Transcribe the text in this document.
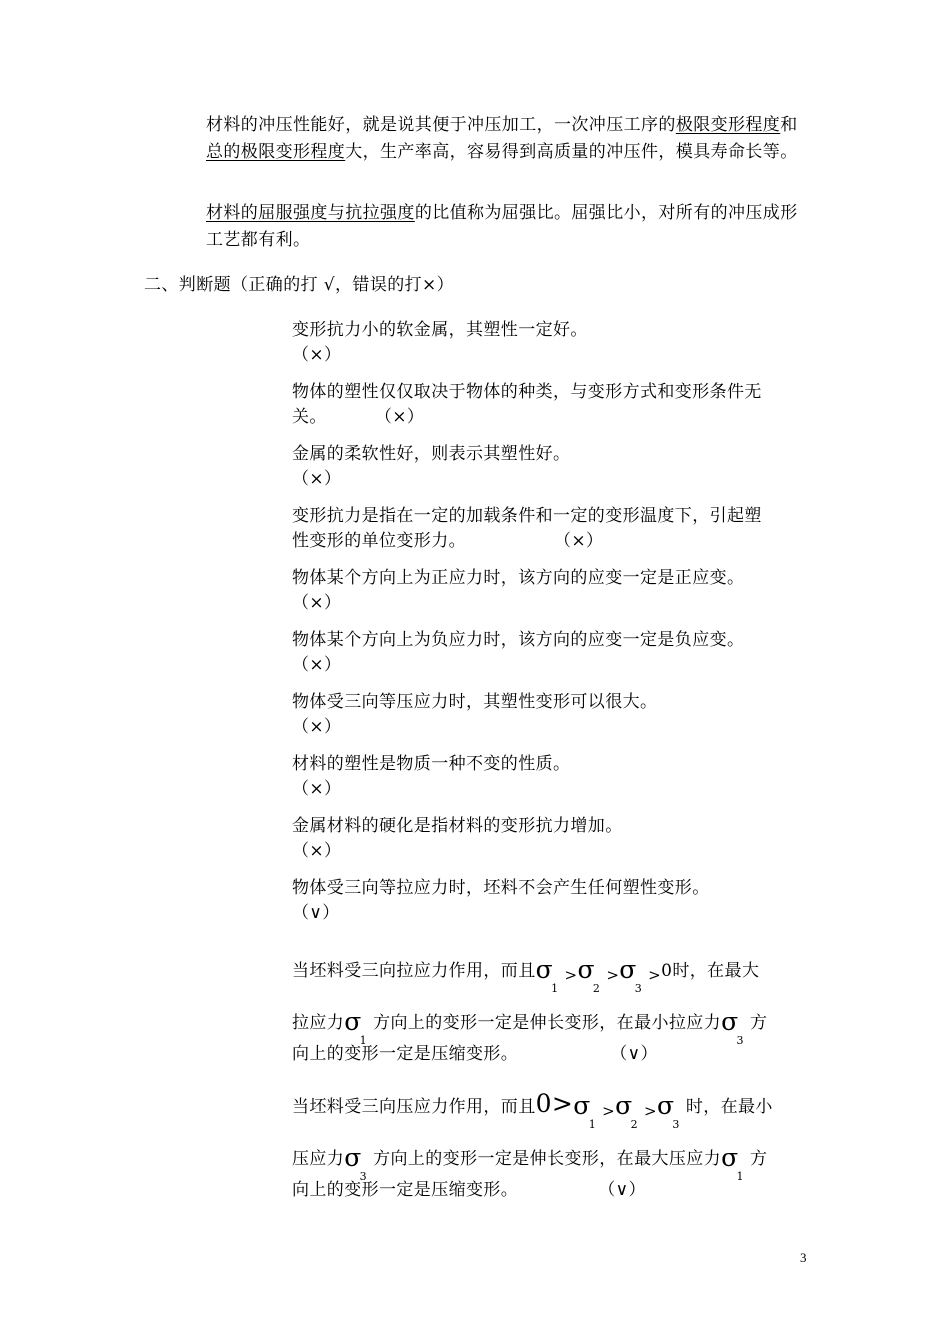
材料的冲压性能好，就是说其便于冲压加工，一次冲压工序的极限变形程度和总的极限变形程度大，生产率高，容易得到高质量的冲压件，模具寿命长等。
材料的屈服强度与抗拉强度的比值称为屈强比。屈强比小，对所有的冲压成形工艺都有利。
二、判断题（正确的打 √，错误的打×）
变形抗力小的软金属，其塑性一定好。
（×）
物体的塑性仅仅取决于物体的种类，与变形方式和变形条件无
关。	（×）
金属的柔软性好，则表示其塑性好。
（×）
变形抗力是指在一定的加载条件和一定的变形温度下，引起塑
性变形的单位变形力。	（×）
物体某个方向上为正应力时，该方向的应变一定是正应变。
（×）
物体某个方向上为负应力时，该方向的应变一定是负应变。
（×）
物体受三向等压应力时，其塑性变形可以很大。
（×）
材料的塑性是物质一种不变的性质。
（×）
金属材料的硬化是指材料的变形抗力增加。
（×）
物体受三向等拉应力时，坯料不会产生任何塑性变形。
（∨）
当坯料受三向拉应力作用，而且$\sigma_1>\sigma_2>\sigma_3>0$时，在最大
拉应力$\sigma_1$方向上的变形一定是伸长变形，在最小拉应力$\sigma_3$方
向上的变形一定是压缩变形。	（∨）
当坯料受三向压应力作用，而且$0>\sigma_1>\sigma_2>\sigma_3$时，在最小
压应力$\sigma_3$方向上的变形一定是伸长变形，在最大压应力$\sigma_1$方
向上的变形一定是压缩变形。	（∨）
3
